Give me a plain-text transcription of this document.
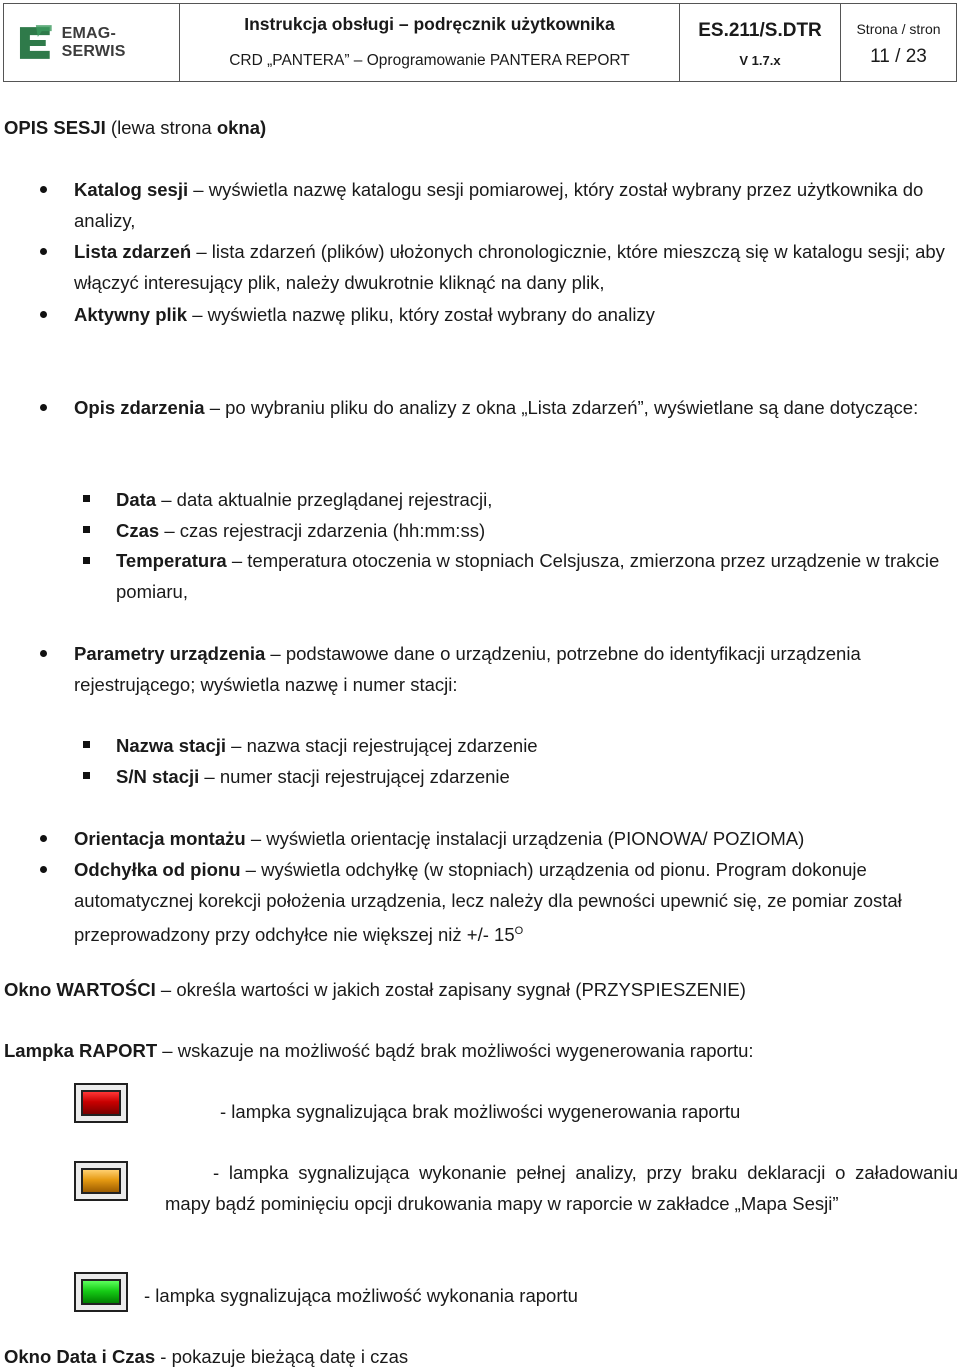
EMAG-SERWIS
Instrukcja obsługi – podręcznik użytkownika
CRD „PANTERA” – Oprogramowanie PANTERA REPORT
ES.211/S.DTR
V 1.7.x
Strona / stron
11 / 23
OPIS SESJI (lewa strona okna)
Katalog sesji – wyświetla nazwę katalogu sesji pomiarowej, który został wybrany przez użytkownika do analizy,
Lista zdarzeń – lista zdarzeń (plików) ułożonych chronologicznie, które mieszczą się w katalogu sesji; aby włączyć interesujący plik, należy dwukrotnie kliknąć na dany plik,
Aktywny plik – wyświetla nazwę pliku, który został wybrany do analizy
Opis zdarzenia – po wybraniu pliku do analizy z okna „Lista zdarzeń”, wyświetlane są dane dotyczące:
Data – data aktualnie przeglądanej rejestracji,
Czas – czas rejestracji zdarzenia (hh:mm:ss)
Temperatura – temperatura otoczenia w stopniach Celsjusza, zmierzona przez urządzenie w trakcie pomiaru,
Parametry urządzenia – podstawowe dane o urządzeniu, potrzebne do identyfikacji urządzenia rejestrującego; wyświetla nazwę i numer stacji:
Nazwa stacji – nazwa stacji rejestrującej zdarzenie
S/N stacji – numer stacji rejestrującej zdarzenie
Orientacja montażu – wyświetla orientację instalacji urządzenia (PIONOWA/ POZIOMA)
Odchyłka od pionu – wyświetla odchyłkę (w stopniach) urządzenia od pionu. Program dokonuje automatycznej korekcji położenia urządzenia, lecz należy dla pewności upewnić się, ze pomiar został przeprowadzony przy odchyłce nie większej niż +/- $15^O$
Okno WARTOŚCI – określa wartości w jakich został zapisany sygnał (PRZYSPIESZENIE)
Lampka RAPORT – wskazuje na możliwość bądź brak możliwości wygenerowania raportu:
- lampka sygnalizująca brak możliwości wygenerowania raportu
- lampka sygnalizująca wykonanie pełnej analizy, przy braku deklaracji o załadowaniu mapy bądź pominięciu opcji drukowania mapy w raporcie w zakładce „Mapa Sesji”
- lampka sygnalizująca możliwość wykonania raportu
Okno Data i Czas - pokazuje bieżącą datę i czas
